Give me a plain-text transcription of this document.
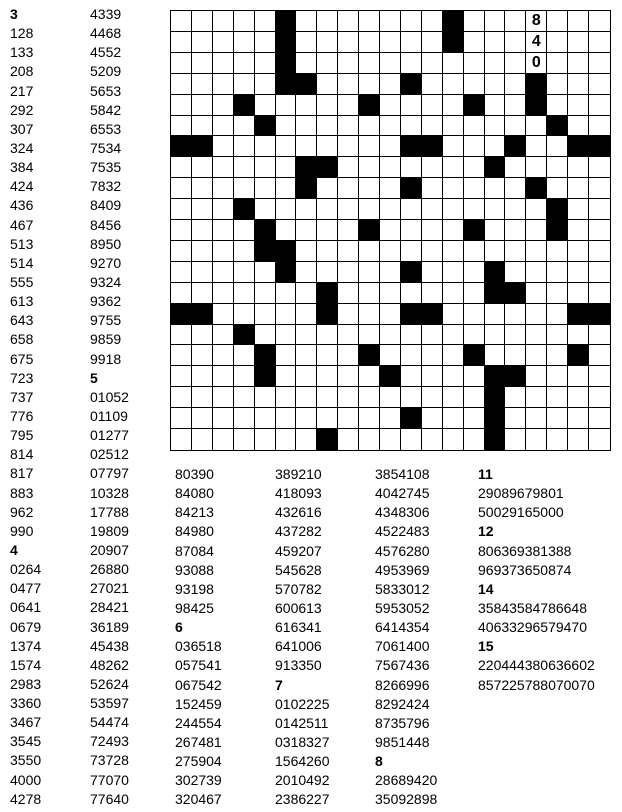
8
4
0
8
0
3
128
133
208
217
292
307
324
384
424
436
467
513
514
555
613
643
658
675
723
737
776
795
814
817
883
962
990
4
0264
0477
0641
0679
1374
1574
2983
3360
3467
3545
3550
4000
4278
4339
4468
4552
5209
5653
5842
6553
7534
7535
7832
8409
8456
8950
9270
9324
9362
9755
9859
9918
5
01052
01109
01277
02512
07797
10328
17788
19809
20907
26880
27021
28421
36189
45438
48262
52624
53597
54474
72493
73728
77070
77640
80390
84080
84213
84980
87084
93088
93198
98425
6
036518
057541
067542
152459
244554
267481
275904
302739
320467
389210
418093
432616
437282
459207
545628
570782
600613
616341
641006
913350
7
0102225
0142511
0318327
1564260
2010492
2386227
3854108
4042745
4348306
4522483
4576280
4953969
5833012
5953052
6414354
7061400
7567436
8266996
8292424
8735796
9851448
8
28689420
35092898
11
29089679801
50029165000
12
806369381388
969373650874
14
35843584786648
40633296579470
15
220444380636602
857225788070070
